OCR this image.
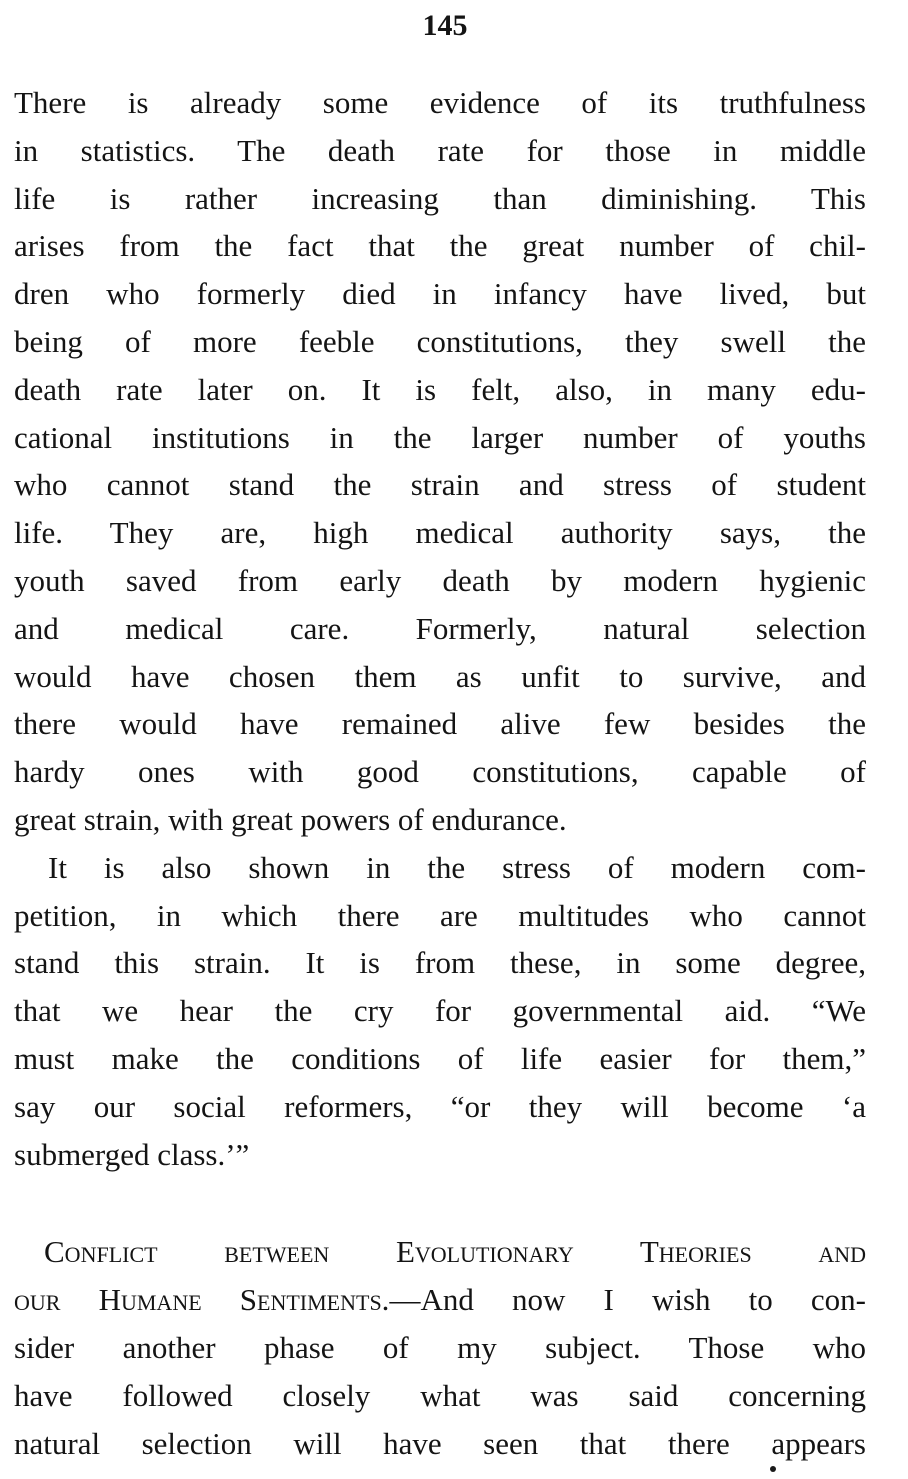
145
There is already some evidence of its truthfulness
in statistics. The death rate for those in middle
life is rather increasing than diminishing. This
arises from the fact that the great number of chil-
dren who formerly died in infancy have lived, but
being of more feeble constitutions, they swell the
death rate later on. It is felt, also, in many edu-
cational institutions in the larger number of youths
who cannot stand the strain and stress of student
life. They are, high medical authority says, the
youth saved from early death by modern hygienic
and medical care. Formerly, natural selection
would have chosen them as unfit to survive, and
there would have remained alive few besides the
hardy ones with good constitutions, capable of
great strain, with great powers of endurance.
It is also shown in the stress of modern com-
petition, in which there are multitudes who cannot
stand this strain. It is from these, in some degree,
that we hear the cry for governmental aid. “We
must make the conditions of life easier for them,”
say our social reformers, “or they will become ‘a
submerged class.’”
Conflict between Evolutionary Theories and
our Humane Sentiments.—And now I wish to con-
sider another phase of my subject. Those who
have followed closely what was said concerning
natural selection will have seen that there appears
